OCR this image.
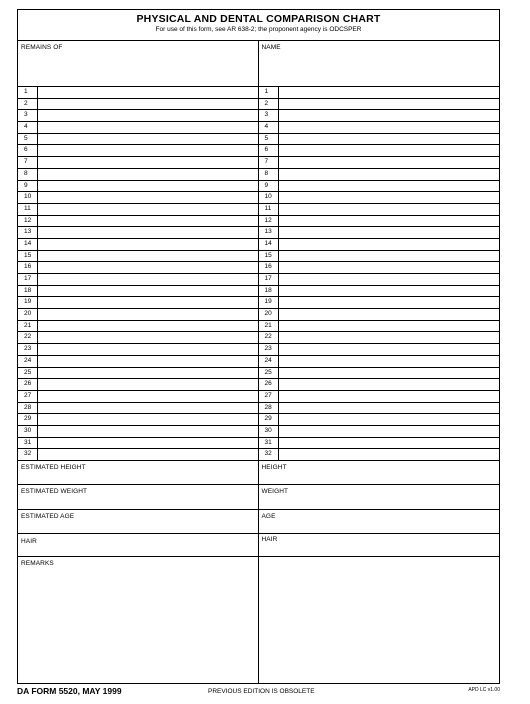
PHYSICAL AND DENTAL COMPARISON CHART
For use of this form, see AR 638-2; the proponent agency is ODCSPER
REMAINS OF	NAME
1	1
2	2
3	3
4	4
5	5
6	6
7	7
8	8
9	9
10	10
11	11
12	12
13	13
14	14
15	15
16	16
17	17
18	18
19	19
20	20
21	21
22	22
23	23
24	24
25	25
26	26
27	27
28	28
29	29
30	30
31	31
32	32
ESTIMATED HEIGHT	HEIGHT
ESTIMATED WEIGHT	WEIGHT
ESTIMATED AGE	AGE
HAIR	HAIR
REMARKS
DA FORM 5520, MAY 1999	PREVIOUS EDITION IS OBSOLETE	APD LC v1.00
